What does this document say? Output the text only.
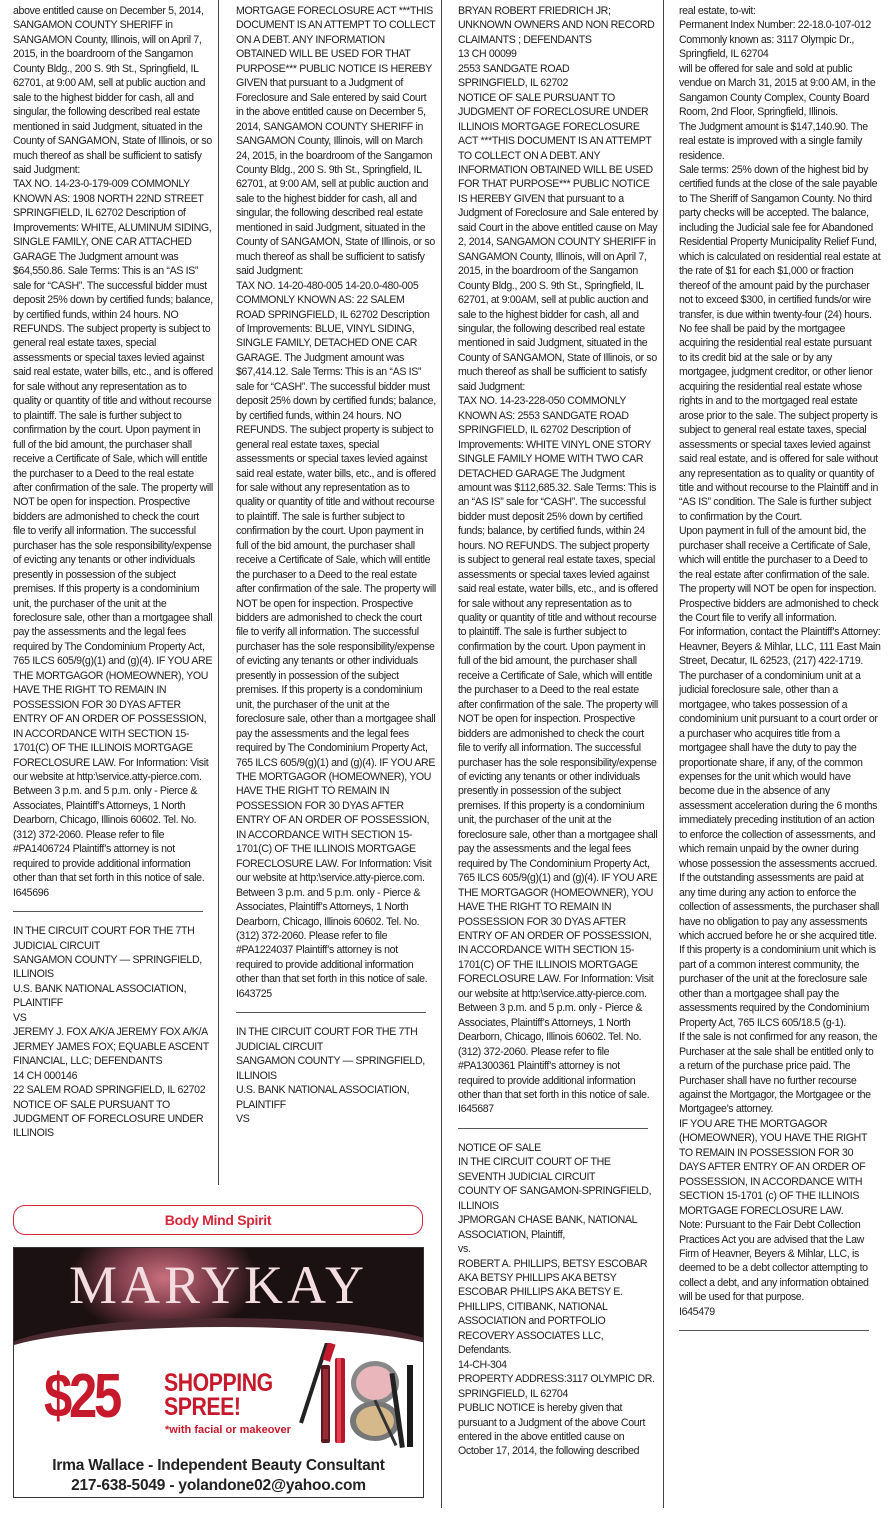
above entitled cause on December 5, 2014, SANGAMON COUNTY SHERIFF in SANGAMON County, Illinois, will on April 7, 2015, in the boardroom of the Sangamon County Bldg., 200 S. 9th St., Springfield, IL 62701, at 9:00 AM, sell at public auction and sale to the highest bidder for cash, all and singular, the following described real estate mentioned in said Judgment, situated in the County of SANGAMON, State of Illinois, or so much thereof as shall be sufficient to satisfy said Judgment:

TAX NO. 14-23-0-179-009 COMMONLY KNOWN AS: 1908 NORTH 22ND STREET SPRINGFIELD, IL 62702 Description of Improvements: WHITE, ALUMINUM SIDING, SINGLE FAMILY, ONE CAR ATTACHED GARAGE The Judgment amount was $64,550.86. Sale Terms: This is an “AS IS” sale for “CASH”. The successful bidder must deposit 25% down by certified funds; balance, by certified funds, within 24 hours. NO REFUNDS. The subject property is subject to general real estate taxes, special assessments or special taxes levied against said real estate, water bills, etc., and is offered for sale without any representation as to quality or quantity of title and without recourse to plaintiff. The sale is further subject to confirmation by the court. Upon payment in full of the bid amount, the purchaser shall receive a Certificate of Sale, which will entitle the purchaser to a Deed to the real estate after confirmation of the sale. The property will NOT be open for inspection. Prospective bidders are admonished to check the court file to verify all information. The successful purchaser has the sole responsibility/expense of evicting any tenants or other individuals presently in possession of the subject premises. If this property is a condominium unit, the purchaser of the unit at the foreclosure sale, other than a mortgagee shall pay the assessments and the legal fees required by The Condominium Property Act, 765 ILCS 605/9(g)(1) and (g)(4). IF YOU ARE THE MORTGAGOR (HOMEOWNER), YOU HAVE THE RIGHT TO REMAIN IN POSSESSION FOR 30 DYAS AFTER ENTRY OF AN ORDER OF POSSESSION, IN ACCORDANCE WITH SECTION 15-1701(C) OF THE ILLINOIS MORTGAGE FORECLOSURE LAW. For Information: Visit our website at http:\service.atty-pierce.com. Between 3 p.m. and 5 p.m. only - Pierce & Associates, Plaintiff’s Attorneys, 1 North Dearborn, Chicago, Illinois 60602. Tel. No. (312) 372-2060. Please refer to file #PA1406724 Plaintiff’s attorney is not required to provide additional information other than that set forth in this notice of sale.

I645696

IN THE CIRCUIT COURT FOR THE 7TH JUDICIAL CIRCUIT

SANGAMON COUNTY — SPRINGFIELD, ILLINOIS

U.S. BANK NATIONAL ASSOCIATION, PLAINTIFF

VS

JEREMY J. FOX A/K/A JEREMY FOX A/K/A JERMEY JAMES FOX; EQUABLE ASCENT FINANCIAL, LLC; DEFENDANTS

14 CH 000146

22 SALEM ROAD SPRINGFIELD, IL 62702

NOTICE OF SALE PURSUANT TO JUDGMENT OF FORECLOSURE UNDER ILLINOIS

MORTGAGE FORECLOSURE ACT ***THIS DOCUMENT IS AN ATTEMPT TO COLLECT ON A DEBT. ANY INFORMATION OBTAINED WILL BE USED FOR THAT PURPOSE*** PUBLIC NOTICE IS HEREBY GIVEN that pursuant to a Judgment of Foreclosure and Sale entered by said Court in the above entitled cause on December 5, 2014, SANGAMON COUNTY SHERIFF in SANGAMON County, Illinois, will on March 24, 2015, in the boardroom of the Sangamon County Bldg., 200 S. 9th St., Springfield, IL 62701, at 9:00 AM, sell at public auction and sale to the highest bidder for cash, all and singular, the following described real estate mentioned in said Judgment, situated in the County of SANGAMON, State of Illinois, or so much thereof as shall be sufficient to satisfy said Judgment:

TAX NO. 14-20-480-005 14-20.0-480-005 COMMONLY KNOWN AS: 22 SALEM ROAD SPRINGFIELD, IL 62702 Description of Improvements: BLUE, VINYL SIDING, SINGLE FAMILY, DETACHED ONE CAR GARAGE. The Judgment amount was $67,414.12. Sale Terms: This is an “AS IS” sale for “CASH”. The successful bidder must deposit 25% down by certified funds; balance, by certified funds, within 24 hours. NO REFUNDS. The subject property is subject to general real estate taxes, special assessments or special taxes levied against said real estate, water bills, etc., and is offered for sale without any representation as to quality or quantity of title and without recourse to plaintiff. The sale is further subject to confirmation by the court. Upon payment in full of the bid amount, the purchaser shall receive a Certificate of Sale, which will entitle the purchaser to a Deed to the real estate after confirmation of the sale. The property will NOT be open for inspection. Prospective bidders are admonished to check the court file to verify all information. The successful purchaser has the sole responsibility/expense of evicting any tenants or other individuals presently in possession of the subject premises. If this property is a condominium unit, the purchaser of the unit at the foreclosure sale, other than a mortgagee shall pay the assessments and the legal fees required by The Condominium Property Act, 765 ILCS 605/9(g)(1) and (g)(4). IF YOU ARE THE MORTGAGOR (HOMEOWNER), YOU HAVE THE RIGHT TO REMAIN IN POSSESSION FOR 30 DYAS AFTER ENTRY OF AN ORDER OF POSSESSION, IN ACCORDANCE WITH SECTION 15-1701(C) OF THE ILLINOIS MORTGAGE FORECLOSURE LAW. For Information: Visit our website at http:\service.atty-pierce.com. Between 3 p.m. and 5 p.m. only - Pierce & Associates, Plaintiff’s Attorneys, 1 North Dearborn, Chicago, Illinois 60602. Tel. No. (312) 372-2060. Please refer to file #PA1224037 Plaintiff’s attorney is not required to provide additional information other than that set forth in this notice of sale.

I643725

IN THE CIRCUIT COURT FOR THE 7TH JUDICIAL CIRCUIT

SANGAMON COUNTY — SPRINGFIELD, ILLINOIS

U.S. BANK NATIONAL ASSOCIATION, PLAINTIFF

VS

BRYAN ROBERT FRIEDRICH JR; UNKNOWN OWNERS AND NON RECORD CLAIMANTS ; DEFENDANTS

13 CH 00099

2553 SANDGATE ROAD

SPRINGFIELD, IL 62702

NOTICE OF SALE PURSUANT TO JUDGMENT OF FORECLOSURE UNDER ILLINOIS MORTGAGE FORECLOSURE ACT ***THIS DOCUMENT IS AN ATTEMPT TO COLLECT ON A DEBT. ANY INFORMATION OBTAINED WILL BE USED FOR THAT PURPOSE*** PUBLIC NOTICE IS HEREBY GIVEN that pursuant to a Judgment of Foreclosure and Sale entered by said Court in the above entitled cause on May 2, 2014, SANGAMON COUNTY SHERIFF in SANGAMON County, Illinois, will on April 7, 2015, in the boardroom of the Sangamon County Bldg., 200 S. 9th St., Springfield, IL 62701, at 9:00AM, sell at public auction and sale to the highest bidder for cash, all and singular, the following described real estate mentioned in said Judgment, situated in the County of SANGAMON, State of Illinois, or so much thereof as shall be sufficient to satisfy said Judgment:

TAX NO. 14-23-228-050 COMMONLY KNOWN AS: 2553 SANDGATE ROAD SPRINGFIELD, IL 62702 Description of Improvements: WHITE VINYL ONE STORY SINGLE FAMILY HOME WITH TWO CAR DETACHED GARAGE The Judgment amount was $112,685.32. Sale Terms: This is an “AS IS” sale for “CASH”. The successful bidder must deposit 25% down by certified funds; balance, by certified funds, within 24 hours. NO REFUNDS. The subject property is subject to general real estate taxes, special assessments or special taxes levied against said real estate, water bills, etc., and is offered for sale without any representation as to quality or quantity of title and without recourse to plaintiff. The sale is further subject to confirmation by the court. Upon payment in full of the bid amount, the purchaser shall receive a Certificate of Sale, which will entitle the purchaser to a Deed to the real estate after confirmation of the sale. The property will NOT be open for inspection. Prospective bidders are admonished to check the court file to verify all information. The successful purchaser has the sole responsibility/expense of evicting any tenants or other individuals presently in possession of the subject premises. If this property is a condominium unit, the purchaser of the unit at the foreclosure sale, other than a mortgagee shall pay the assessments and the legal fees required by The Condominium Property Act, 765 ILCS 605/9(g)(1) and (g)(4). IF YOU ARE THE MORTGAGOR (HOMEOWNER), YOU HAVE THE RIGHT TO REMAIN IN POSSESSION FOR 30 DYAS AFTER ENTRY OF AN ORDER OF POSSESSION, IN ACCORDANCE WITH SECTION 15-1701(C) OF THE ILLINOIS MORTGAGE FORECLOSURE LAW. For Information: Visit our website at http:\service.atty-pierce.com. Between 3 p.m. and 5 p.m. only - Pierce & Associates, Plaintiff’s Attorneys, 1 North Dearborn, Chicago, Illinois 60602. Tel. No. (312) 372-2060. Please refer to file #PA1300361 Plaintiff’s attorney is not required to provide additional information other than that set forth in this notice of sale.

I645687

NOTICE OF SALE

IN THE CIRCUIT COURT OF THE SEVENTH JUDICIAL CIRCUIT

COUNTY OF SANGAMON-SPRINGFIELD, ILLINOIS

JPMORGAN CHASE BANK, NATIONAL ASSOCIATION, Plaintiff,

vs.

ROBERT A. PHILLIPS, BETSY ESCOBAR AKA BETSY PHILLIPS AKA BETSY ESCOBAR PHILLIPS AKA BETSY E. PHILLIPS, CITIBANK, NATIONAL ASSOCIATION and PORTFOLIO RECOVERY ASSOCIATES LLC, Defendants.

14-CH-304

PROPERTY ADDRESS:3117 OLYMPIC DR. SPRINGFIELD, IL 62704

PUBLIC NOTICE is hereby given that pursuant to a Judgment of the above Court entered in the above entitled cause on October 17, 2014, the following described

real estate, to-wit:

Permanent Index Number: 22-18.0-107-012

Commonly known as: 3117 Olympic Dr., Springfield, IL 62704

will be offered for sale and sold at public vendue on March 31, 2015 at 9:00 AM, in the Sangamon County Complex, County Board Room, 2nd Floor, Springfield, Illinois.

The Judgment amount is $147,140.90. The real estate is improved with a single family residence.

Sale terms: 25% down of the highest bid by certified funds at the close of the sale payable to The Sheriff of Sangamon County. No third party checks will be accepted. The balance, including the Judicial sale fee for Abandoned Residential Property Municipality Relief Fund, which is calculated on residential real estate at the rate of $1 for each $1,000 or fraction thereof of the amount paid by the purchaser not to exceed $300, in certified funds/or wire transfer, is due within twenty-four (24) hours. No fee shall be paid by the mortgagee acquiring the residential real estate pursuant to its credit bid at the sale or by any mortgagee, judgment creditor, or other lienor acquiring the residential real estate whose rights in and to the mortgaged real estate arose prior to the sale. The subject property is subject to general real estate taxes, special assessments or special taxes levied against said real estate, and is offered for sale without any representation as to quality or quantity of title and without recourse to the Plaintiff and in “AS IS” condition. The Sale is further subject to confirmation by the Court.

Upon payment in full of the amount bid, the purchaser shall receive a Certificate of Sale, which will entitle the purchaser to a Deed to the real estate after confirmation of the sale.

The property will NOT be open for inspection. Prospective bidders are admonished to check the Court file to verify all information.

For information, contact the Plaintiff’s Attorney: Heavner, Beyers & Mihlar, LLC, 111 East Main Street, Decatur, IL 62523, (217) 422-1719.

The purchaser of a condominium unit at a judicial foreclosure sale, other than a mortgagee, who takes possession of a condominium unit pursuant to a court order or a purchaser who acquires title from a mortgagee shall have the duty to pay the proportionate share, if any, of the common expenses for the unit which would have become due in the absence of any assessment acceleration during the 6 months immediately preceding institution of an action to enforce the collection of assessments, and which remain unpaid by the owner during whose possession the assessments accrued. If the outstanding assessments are paid at any time during any action to enforce the collection of assessments, the purchaser shall have no obligation to pay any assessments which accrued before he or she acquired title. If this property is a condominium unit which is part of a common interest community, the purchaser of the unit at the foreclosure sale other than a mortgagee shall pay the assessments required by the Condominium Property Act, 765 ILCS 605/18.5 (g-1).

If the sale is not confirmed for any reason, the Purchaser at the sale shall be entitled only to a return of the purchase price paid. The Purchaser shall have no further recourse against the Mortgagor, the Mortgagee or the Mortgagee’s attorney.

IF YOU ARE THE MORTGAGOR (HOMEOWNER), YOU HAVE THE RIGHT TO REMAIN IN POSSESSION FOR 30 DAYS AFTER ENTRY OF AN ORDER OF POSSESSION, IN ACCORDANCE WITH SECTION 15-1701 (c) OF THE ILLINOIS MORTGAGE FORECLOSURE LAW.

Note: Pursuant to the Fair Debt Collection Practices Act you are advised that the Law Firm of Heavner, Beyers & Mihlar, LLC, is deemed to be a debt collector attempting to collect a debt, and any information obtained will be used for that purpose.

I645479

Body Mind Spirit
MARYKAY
$25 SHOPPING
SPREE!
*with facial or makeover
Irma Wallace - Independent Beauty Consultant
217-638-5049 - yolandone02@yahoo.com
